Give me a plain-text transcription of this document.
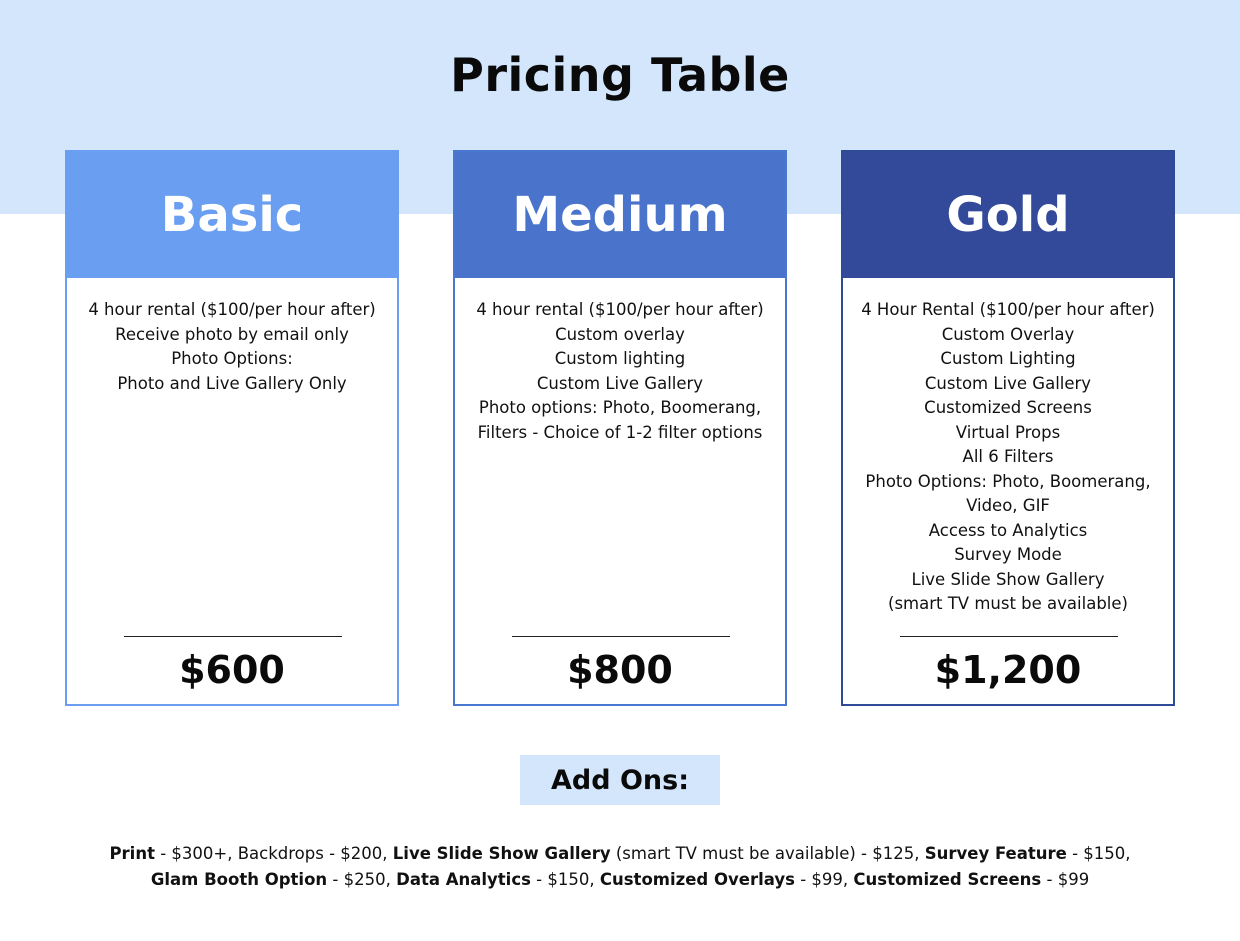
Pricing Table
Basic
4 hour rental ($100/per hour after)
Receive photo by email only
Photo Options:
Photo and Live Gallery Only
$600
Medium
4 hour rental ($100/per hour after)
Custom overlay
Custom lighting
Custom Live Gallery
Photo options: Photo, Boomerang,
Filters - Choice of 1-2 filter options
$800
Gold
4 Hour Rental ($100/per hour after)
Custom Overlay
Custom Lighting
Custom Live Gallery
Customized Screens
Virtual Props
All 6 Filters
Photo Options: Photo, Boomerang,
Video, GIF
Access to Analytics
Survey Mode
Live Slide Show Gallery
(smart TV must be available)
$1,200
Add Ons:
Print - $300+, Backdrops - $200, Live Slide Show Gallery (smart TV must be available) - $125, Survey Feature - $150,
Glam Booth Option - $250, Data Analytics - $150, Customized Overlays - $99, Customized Screens - $99
